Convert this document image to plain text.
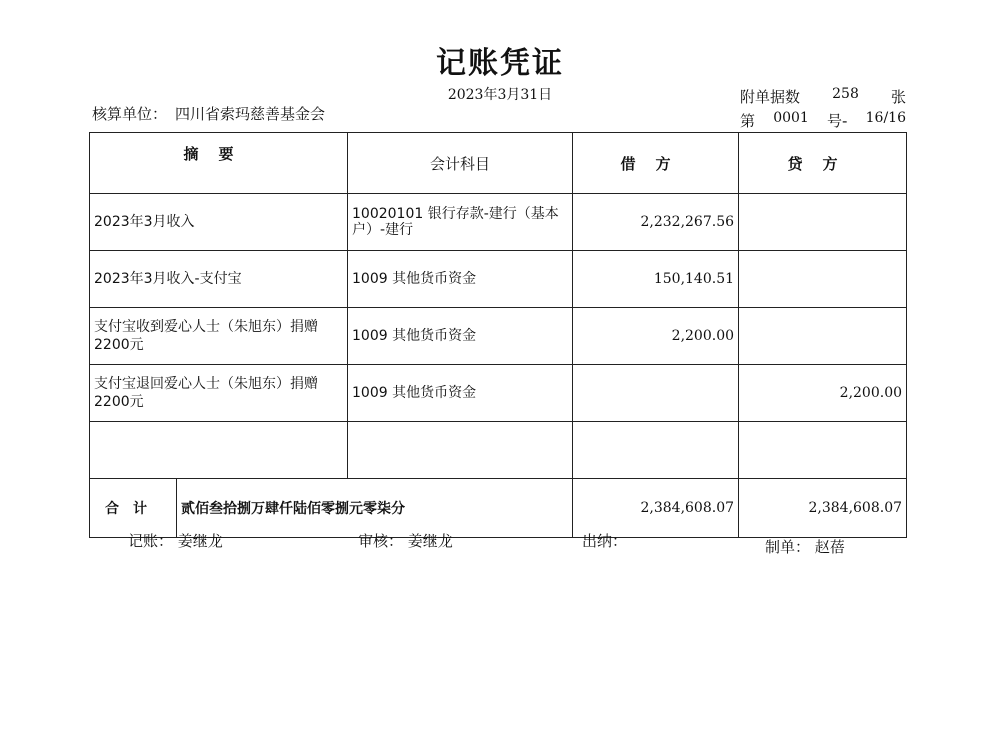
记账凭证
2023年3月31日
核算单位： 四川省索玛慈善基金会
附单据数 258 张
第 0001 号- 16/16
摘要		会计科目	借方	贷方
2023年3月收入		10020101 银行存款-建行（基本户）-建行	2,232,267.56	
2023年3月收入-支付宝		1009 其他货币资金	150,140.51	
支付宝收到爱心人士（朱旭东）捐赠2200元		1009 其他货币资金	2,200.00	
支付宝退回爱心人士（朱旭东）捐赠2200元		1009 其他货币资金		2,200.00

合计	贰佰叁拾捌万肆仟陆佰零捌元零柒分		2,384,608.07	2,384,608.07
记账： 姜继龙	审核： 姜继龙	出纳：	制单： 赵蓓
